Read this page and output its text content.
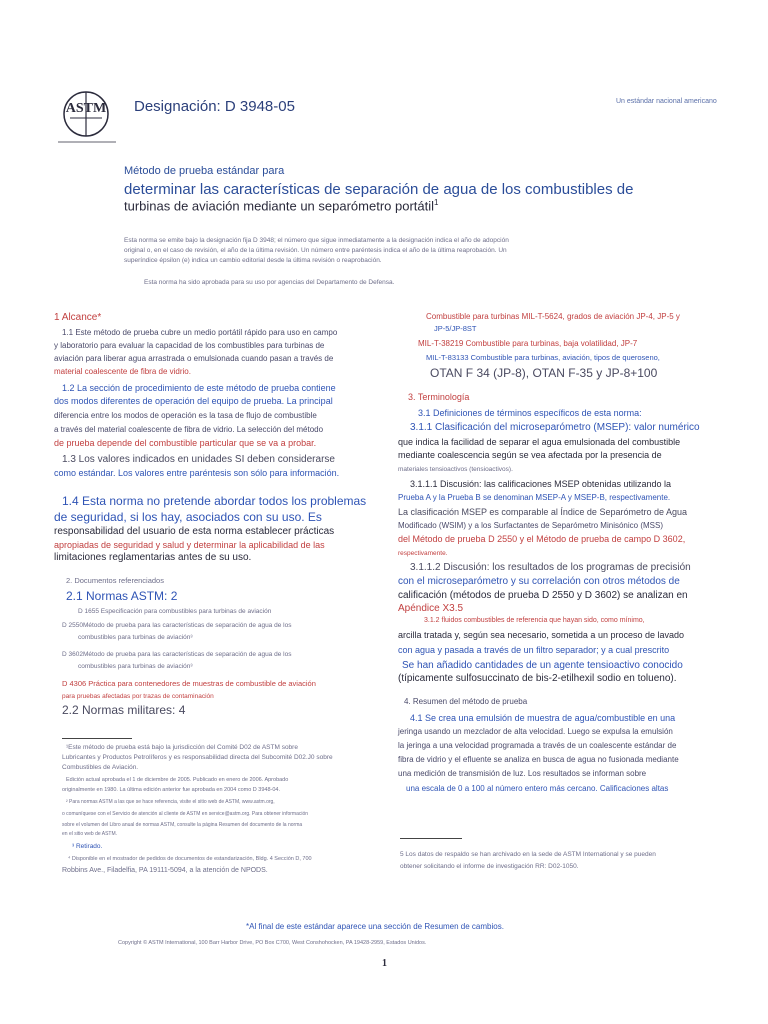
ASTM Designación: D 3948-05	Un estándar nacional americano
Método de prueba estándar para
determinar las características de separación de agua de los combustibles de
turbinas de aviación mediante un separómetro portátil$^1$
Esta norma se emite bajo la designación fija D 3948; el número que sigue inmediatamente a la designación indica el año de adopción
original o, en el caso de revisión, el año de la última revisión. Un número entre paréntesis indica el año de la última reaprobación. Un
superíndice épsilon (e) indica un cambio editorial desde la última revisión o reaprobación.
Esta norma ha sido aprobada para su uso por agencias del Departamento de Defensa.
1 Alcance*
1.1 Este método de prueba cubre un medio portátil rápido para uso en campo
y laboratorio para evaluar la capacidad de los combustibles para turbinas de
aviación para liberar agua arrastrada o emulsionada cuando pasan a través de
material coalescente de fibra de vidrio.
1.2 La sección de procedimiento de este método de prueba contiene
dos modos diferentes de operación del equipo de prueba. La principal
diferencia entre los modos de operación es la tasa de flujo de combustible
a través del material coalescente de fibra de vidrio. La selección del método
de prueba depende del combustible particular que se va a probar.
1.3 Los valores indicados en unidades SI deben considerarse
como estándar. Los valores entre paréntesis son sólo para información.
1.4 Esta norma no pretende abordar todos los problemas
de seguridad, si los hay, asociados con su uso. Es
responsabilidad del usuario de esta norma establecer prácticas
apropiadas de seguridad y salud y determinar la aplicabilidad de las
limitaciones reglamentarias antes de su uso.
2. Documentos referenciados
2.1 Normas ASTM: 2
D 1655 Especificación para combustibles para turbinas de aviación
D 2550Método de prueba para las características de separación de agua de los
combustibles para turbinas de aviación³
D 3602Método de prueba para las características de separación de agua de los
combustibles para turbinas de aviación³
D 4306 Práctica para contenedores de muestras de combustible de aviación
para pruebas afectadas por trazas de contaminación
2.2 Normas militares: 4
¹Este método de prueba está bajo la jurisdicción del Comité D02 de ASTM sobre
Lubricantes y Productos Petrolíferos y es responsabilidad directa del Subcomité D02.J0 sobre
Combustibles de Aviación.
Edición actual aprobada el 1 de diciembre de 2005. Publicado en enero de 2006. Aprobado
originalmente en 1980. La última edición anterior fue aprobada en 2004 como D 3948-04.
² Para normas ASTM a las que se hace referencia, visite el sitio web de ASTM, www.astm.org,
o comuníquese con el Servicio de atención al cliente de ASTM en service@astm.org. Para obtener información
sobre el volumen del Libro anual de normas ASTM, consulte la página Resumen del documento de la norma
en el sitio web de ASTM.
³ Retirado.
⁴ Disponible en el mostrador de pedidos de documentos de estandarización, Bldg. 4 Sección D, 700
Robbins Ave., Filadelfia, PA 19111-5094, a la atención de NPODS.
Combustible para turbinas MIL-T-5624, grados de aviación JP-4, JP-5 y
JP-5/JP-8ST
MIL-T-38219 Combustible para turbinas, baja volatilidad, JP-7
MIL-T-83133 Combustible para turbinas, aviación, tipos de queroseno,
OTAN F 34 (JP-8), OTAN F-35 y JP-8+100
3. Terminología
3.1 Definiciones de términos específicos de esta norma:
3.1.1 Clasificación del microseparómetro (MSEP): valor numérico
que indica la facilidad de separar el agua emulsionada del combustible
mediante coalescencia según se vea afectada por la presencia de
materiales tensioactivos (tensioactivos).
3.1.1.1 Discusión: las calificaciones MSEP obtenidas utilizando la
Prueba A y la Prueba B se denominan MSEP-A y MSEP-B, respectivamente.
La clasificación MSEP es comparable al Índice de Separómetro de Agua
Modificado (WSIM) y a los Surfactantes de Separómetro Minisónico (MSS)
del Método de prueba D 2550 y el Método de prueba de campo D 3602,
respectivamente.
3.1.1.2 Discusión: los resultados de los programas de precisión
con el microseparómetro y su correlación con otros métodos de
calificación (métodos de prueba D 2550 y D 3602) se analizan en
Apéndice X3.5
3.1.2 fluidos combustibles de referencia que hayan sido, como mínimo,
arcilla tratada y, según sea necesario, sometida a un proceso de lavado
con agua y pasada a través de un filtro separador; y a cual prescrito
Se han añadido cantidades de un agente tensioactivo conocido
(típicamente sulfosuccinato de bis-2-etilhexil sodio en tolueno).
4. Resumen del método de prueba
4.1 Se crea una emulsión de muestra de agua/combustible en una
jeringa usando un mezclador de alta velocidad. Luego se expulsa la emulsión
la jeringa a una velocidad programada a través de un coalescente estándar de
fibra de vidrio y el efluente se analiza en busca de agua no fusionada mediante
una medición de transmisión de luz. Los resultados se informan sobre
una escala de 0 a 100 al número entero más cercano. Calificaciones altas
5 Los datos de respaldo se han archivado en la sede de ASTM International y se pueden
obtener solicitando el informe de investigación RR: D02-1050.
*Al final de este estándar aparece una sección de Resumen de cambios.
Copyright © ASTM International, 100 Barr Harbor Drive, PO Box C700, West Conshohocken, PA 19428-2959, Estados Unidos.
1
